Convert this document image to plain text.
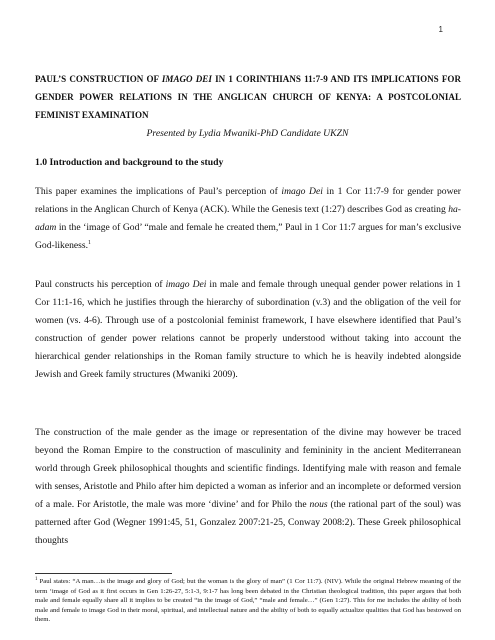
1
PAUL’S CONSTRUCTION OF IMAGO DEI IN 1 CORINTHIANS 11:7-9 AND ITS IMPLICATIONS FOR GENDER POWER RELATIONS IN THE ANGLICAN CHURCH OF KENYA: A POSTCOLONIAL FEMINIST EXAMINATION

Presented by Lydia Mwaniki-PhD Candidate UKZN

1.0 Introduction and background to the study

This paper examines the implications of Paul’s perception of imago Dei in 1 Cor 11:7-9 for gender power relations in the Anglican Church of Kenya (ACK). While the Genesis text (1:27) describes God as creating ha-adam in the ‘image of God’ “male and female he created them,” Paul in 1 Cor 11:7 argues for man’s exclusive God-likeness.$^1$

Paul constructs his perception of imago Dei in male and female through unequal gender power relations in 1 Cor 11:1-16, which he justifies through the hierarchy of subordination (v.3) and the obligation of the veil for women (vs. 4-6). Through use of a postcolonial feminist framework, I have elsewhere identified that Paul’s construction of gender power relations cannot be properly understood without taking into account the hierarchical gender relationships in the Roman family structure to which he is heavily indebted alongside Jewish and Greek family structures (Mwaniki 2009).

The construction of the male gender as the image or representation of the divine may however be traced beyond the Roman Empire to the construction of masculinity and femininity in the ancient Mediterranean world through Greek philosophical thoughts and scientific findings. Identifying male with reason and female with senses, Aristotle and Philo after him depicted a woman as inferior and an incomplete or deformed version of a male. For Aristotle, the male was more ‘divine’ and for Philo the nous (the rational part of the soul) was patterned after God (Wegner 1991:45, 51, Gonzalez 2007:21-25, Conway 2008:2). These Greek philosophical thoughts

$^1$ Paul states: “A man…is the image and glory of God; but the woman is the glory of man” (1 Cor 11:7). (NIV). While the original Hebrew meaning of the term ‘image of God as it first occurs in Gen 1:26-27, 5:1-3, 9:1-7 has long been debated in the Christian theological tradition, this paper argues that both male and female equally share all it implies to be created “in the image of God,” “male and female…” (Gen 1:27). This for me includes the ability of both male and female to image God in their moral, spiritual, and intellectual nature and the ability of both to equally actualize qualities that God has bestowed on them.
